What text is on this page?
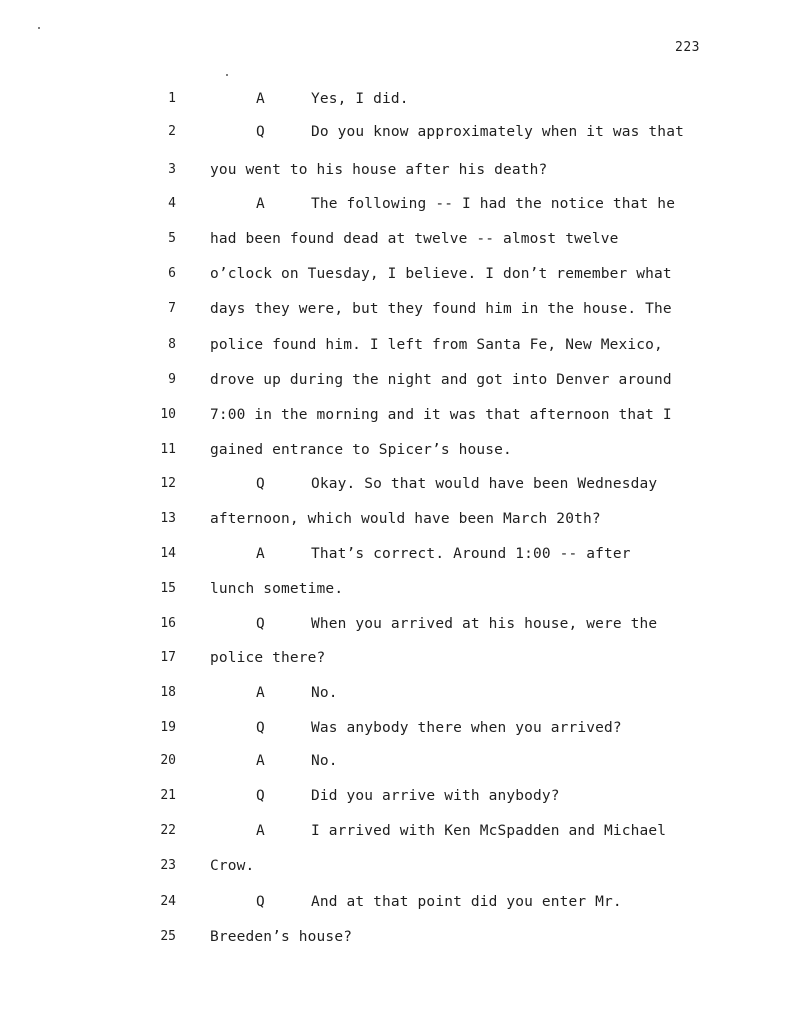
223
1	A	Yes, I did.
2	Q	Do you know approximately when it was that
3 you went to his house after his death?
4	A	The following -- I had the notice that he
5 had been found dead at twelve -- almost twelve
6 o’clock on Tuesday, I believe. I don’t remember what
7 days they were, but they found him in the house. The
8 police found him. I left from Santa Fe, New Mexico,
9 drove up during the night and got into Denver around
10 7:00 in the morning and it was that afternoon that I
11 gained entrance to Spicer’s house.
12	Q	Okay. So that would have been Wednesday
13 afternoon, which would have been March 20th?
14	A	That’s correct. Around 1:00 -- after
15 lunch sometime.
16	Q	When you arrived at his house, were the
17 police there?
18	A	No.
19	Q	Was anybody there when you arrived?
20	A	No.
21	Q	Did you arrive with anybody?
22	A	I arrived with Ken McSpadden and Michael
23 Crow.
24	Q	And at that point did you enter Mr.
25 Breeden’s house?
